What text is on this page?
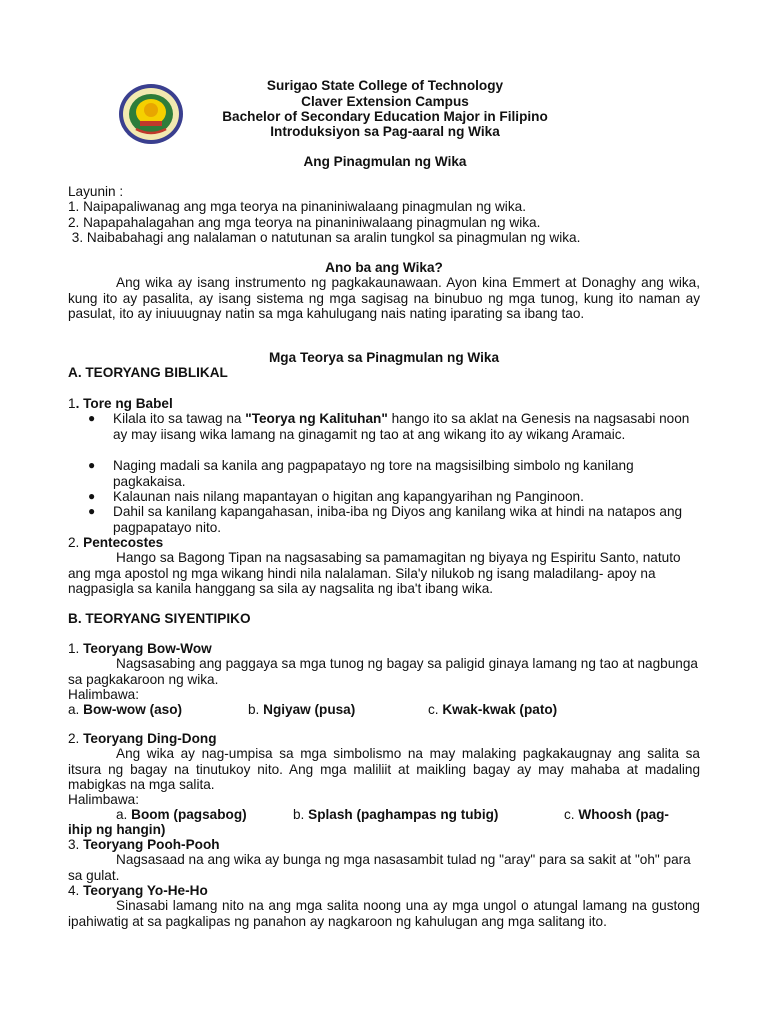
Surigao State College of Technology
Claver Extension Campus
Bachelor of Secondary Education Major in Filipino
Introduksiyon sa Pag-aaral ng Wika
Ang Pinagmulan ng Wika
Layunin :
1. Naipapaliwanag ang mga teorya na pinaniniwalaang pinagmulan ng wika.
2. Napapahalagahan ang mga teorya na pinaniniwalaang pinagmulan ng wika.
3. Naibabahagi ang nalalaman o natutunan sa aralin tungkol sa pinagmulan ng wika.
Ano ba ang Wika?
Ang wika ay isang instrumento ng pagkakaunawaan. Ayon kina Emmert at Donaghy ang wika, kung ito ay pasalita, ay isang sistema ng mga sagisag na binubuo ng mga tunog, kung ito naman ay pasulat, ito ay iniuuugnay natin sa mga kahulugang nais nating iparating sa ibang tao.
Mga Teorya sa Pinagmulan ng Wika
A. TEORYANG BIBLIKAL
1. Tore ng Babel
● Kilala ito sa tawag na "Teorya ng Kalituhan" hango ito sa aklat na Genesis na nagsasabi noon ay may iisang wika lamang na ginagamit ng tao at ang wikang ito ay wikang Aramaic.
● Naging madali sa kanila ang pagpapatayo ng tore na magsisilbing simbolo ng kanilang pagkakaisa.
● Kalaunan nais nilang mapantayan o higitan ang kapangyarihan ng Panginoon.
● Dahil sa kanilang kapangahasan, iniba-iba ng Diyos ang kanilang wika at hindi na natapos ang pagpapatayo nito.
2. Pentecostes
Hango sa Bagong Tipan na nagsasabing sa pamamagitan ng biyaya ng Espiritu Santo, natuto ang mga apostol ng mga wikang hindi nila nalalaman. Sila'y nilukob ng isang maladilang- apoy na nagpasigla sa kanila hanggang sa sila ay nagsalita ng iba't ibang wika.
B. TEORYANG SIYENTIPIKO
1. Teoryang Bow-Wow
Nagsasabing ang paggaya sa mga tunog ng bagay sa paligid ginaya lamang ng tao at nagbunga sa pagkakaroon ng wika.
Halimbawa:
a. Bow-wow (aso)	b. Ngiyaw (pusa)	c. Kwak-kwak (pato)
2. Teoryang Ding-Dong
Ang wika ay nag-umpisa sa mga simbolismo na may malaking pagkakaugnay ang salita sa itsura ng bagay na tinutukoy nito. Ang mga maliliit at maikling bagay ay may mahaba at madaling mabigkas na mga salita.
Halimbawa:
a. Boom (pagsabog)	b. Splash (paghampas ng tubig)	c. Whoosh (pag-
ihip ng hangin)
3. Teoryang Pooh-Pooh
Nagsasaad na ang wika ay bunga ng mga nasasambit tulad ng "aray" para sa sakit at "oh" para sa gulat.
4. Teoryang Yo-He-Ho
Sinasabi lamang nito na ang mga salita noong una ay mga ungol o atungal lamang na gustong ipahiwatig at sa pagkalipas ng panahon ay nagkaroon ng kahulugan ang mga salitang ito.
